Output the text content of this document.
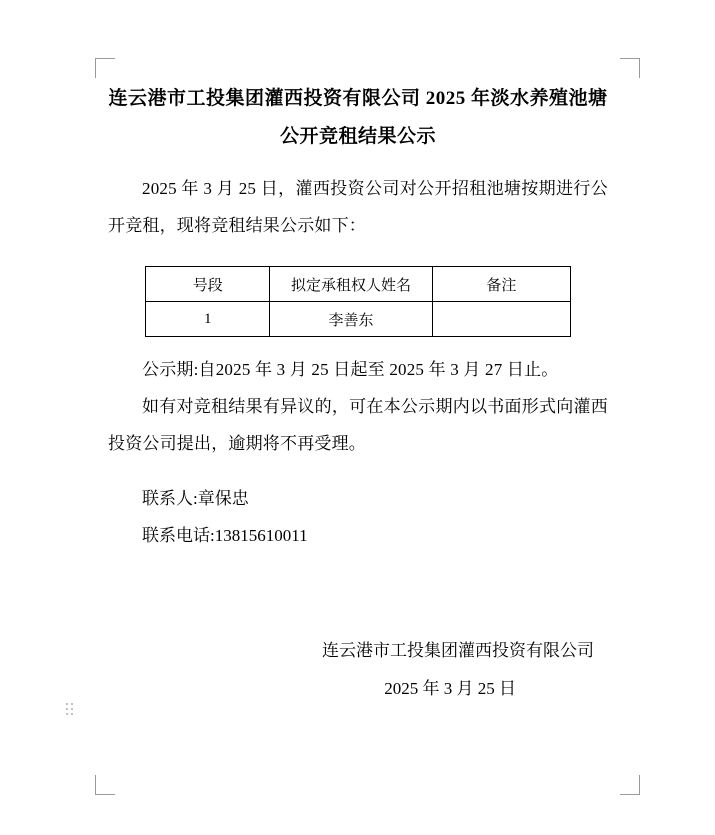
连云港市工投集团灌西投资有限公司 2025 年淡水养殖池塘
公开竞租结果公示

2025 年 3 月 25 日，灌西投资公司对公开招租池塘按期进行公开竞租，现将竞租结果公示如下：

号段	拟定承租权人姓名	备注
1	李善东	

公示期:自2025 年 3 月 25 日起至 2025 年 3 月 27 日止。

如有对竞租结果有异议的，可在本公示期内以书面形式向灌西投资公司提出，逾期将不再受理。

联系人:章保忠

联系电话:13815610011

连云港市工投集团灌西投资有限公司

2025 年 3 月 25 日
